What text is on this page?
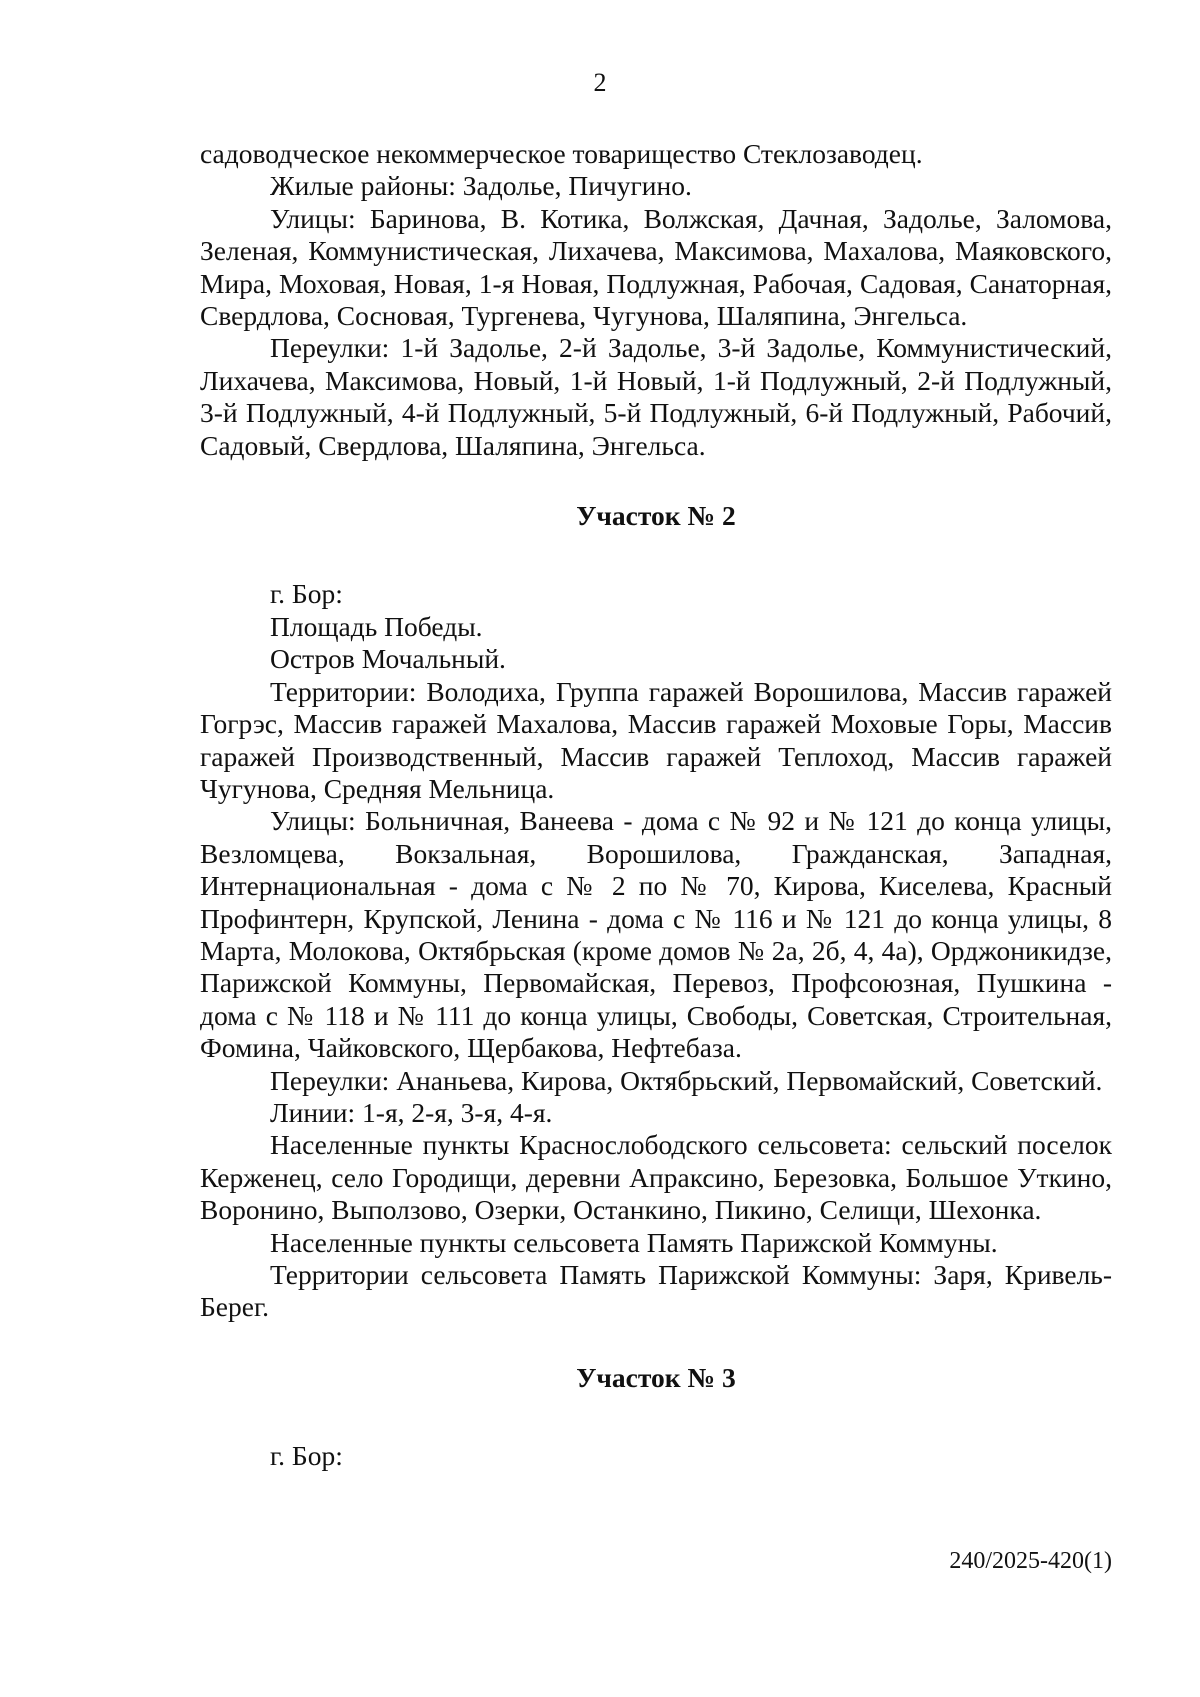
2

садоводческое некоммерческое товарищество Стеклозаводец.

Жилые районы: Задолье, Пичугино.

Улицы: Баринова, В. Котика, Волжская, Дачная, Задолье, Заломова, Зеленая, Коммунистическая, Лихачева, Максимова, Махалова, Маяковского, Мира, Моховая, Новая, 1-я Новая, Подлужная, Рабочая, Садовая, Санаторная, Свердлова, Сосновая, Тургенева, Чугунова, Шаляпина, Энгельса.

Переулки: 1-й Задолье, 2-й Задолье, 3-й Задолье, Коммунистический, Лихачева, Максимова, Новый, 1-й Новый, 1-й Подлужный, 2-й Подлужный, 3-й Подлужный, 4-й Подлужный, 5-й Подлужный, 6-й Подлужный, Рабочий, Садовый, Свердлова, Шаляпина, Энгельса.

Участок № 2

г. Бор:

Площадь Победы.

Остров Мочальный.

Территории: Володиха, Группа гаражей Ворошилова, Массив гаражей Гогрэс, Массив гаражей Махалова, Массив гаражей Моховые Горы, Массив гаражей Производственный, Массив гаражей Теплоход, Массив гаражей Чугунова, Средняя Мельница.

Улицы: Больничная, Ванеева - дома с № 92 и № 121 до конца улицы, Везломцева, Вокзальная, Ворошилова, Гражданская, Западная, Интернациональная - дома с № 2 по № 70, Кирова, Киселева, Красный Профинтерн, Крупской, Ленина - дома с № 116 и № 121 до конца улицы, 8 Марта, Молокова, Октябрьская (кроме домов № 2а, 2б, 4, 4а), Орджоникидзе, Парижской Коммуны, Первомайская, Перевоз, Профсоюзная, Пушкина - дома с № 118 и № 111 до конца улицы, Свободы, Советская, Строительная, Фомина, Чайковского, Щербакова, Нефтебаза.

Переулки: Ананьева, Кирова, Октябрьский, Первомайский, Советский.

Линии: 1-я, 2-я, 3-я, 4-я.

Населенные пункты Краснослободского сельсовета: сельский поселок Керженец, село Городищи, деревни Апраксино, Березовка, Большое Уткино, Воронино, Выползово, Озерки, Останкино, Пикино, Селищи, Шехонка.

Населенные пункты сельсовета Память Парижской Коммуны.

Территории сельсовета Память Парижской Коммуны: Заря, Кривель-Берег.

Участок № 3

г. Бор:

240/2025-420(1)
